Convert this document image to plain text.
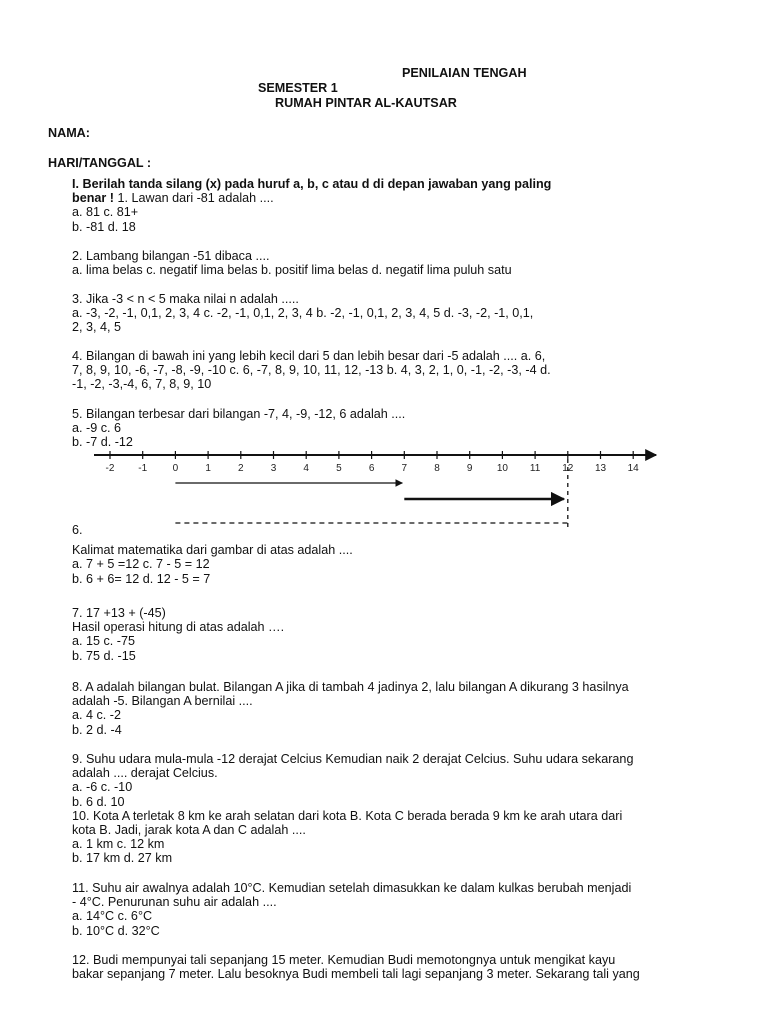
PENILAIAN TENGAH
SEMESTER 1
RUMAH PINTAR AL-KAUTSAR
NAMA:
HARI/TANGGAL :
I. Berilah tanda silang (x) pada huruf a, b, c atau d di depan jawaban yang paling
benar ! 1. Lawan dari -81 adalah ....
a. 81 c. 81+
b. -81 d. 18
2. Lambang bilangan -51 dibaca ....
a. lima belas c. negatif lima belas b. positif lima belas d. negatif lima puluh satu
3. Jika -3 < n < 5 maka nilai n adalah .....
a. -3, -2, -1, 0,1, 2, 3, 4 c. -2, -1, 0,1, 2, 3, 4 b. -2, -1, 0,1, 2, 3, 4, 5 d. -3, -2, -1, 0,1,
2, 3, 4, 5
4. Bilangan di bawah ini yang lebih kecil dari 5 dan lebih besar dari -5 adalah .... a. 6,
7, 8, 9, 10, -6, -7, -8, -9, -10 c. 6, -7, 8, 9, 10, 11, 12, -13 b. 4, 3, 2, 1, 0, -1, -2, -3, -4 d.
-1, -2, -3,-4, 6, 7, 8, 9, 10
5. Bilangan terbesar dari bilangan -7, 4, -9, -12, 6 adalah ....
a. -9 c. 6
b. -7 d. -12
-2 -1	0	1	2	3	4	5	6	7	8	9 10 11 12 13 14
6.
Kalimat matematika dari gambar di atas adalah ....
a. 7 + 5 =12 c. 7 - 5 = 12
b. 6 + 6= 12 d. 12 - 5 = 7
7. 17 +13 + (-45)
Hasil operasi hitung di atas adalah ….
a. 15 c. -75
b. 75 d. -15
8. A adalah bilangan bulat. Bilangan A jika di tambah 4 jadinya 2, lalu bilangan A dikurang 3 hasilnya
adalah -5. Bilangan A bernilai ....
a. 4 c. -2
b. 2 d. -4
9. Suhu udara mula-mula -12 derajat Celcius Kemudian naik 2 derajat Celcius. Suhu udara sekarang
adalah .... derajat Celcius.
a. -6 c. -10
b. 6 d. 10
10. Kota A terletak 8 km ke arah selatan dari kota B. Kota C berada berada 9 km ke arah utara dari
kota B. Jadi, jarak kota A dan C adalah ....
a. 1 km c. 12 km
b. 17 km d. 27 km
11. Suhu air awalnya adalah 10°C. Kemudian setelah dimasukkan ke dalam kulkas berubah menjadi
- 4°C. Penurunan suhu air adalah ....
a. 14°C c. 6°C
b. 10°C d. 32°C
12. Budi mempunyai tali sepanjang 15 meter. Kemudian Budi memotongnya untuk mengikat kayu
bakar sepanjang 7 meter. Lalu besoknya Budi membeli tali lagi sepanjang 3 meter. Sekarang tali yang
